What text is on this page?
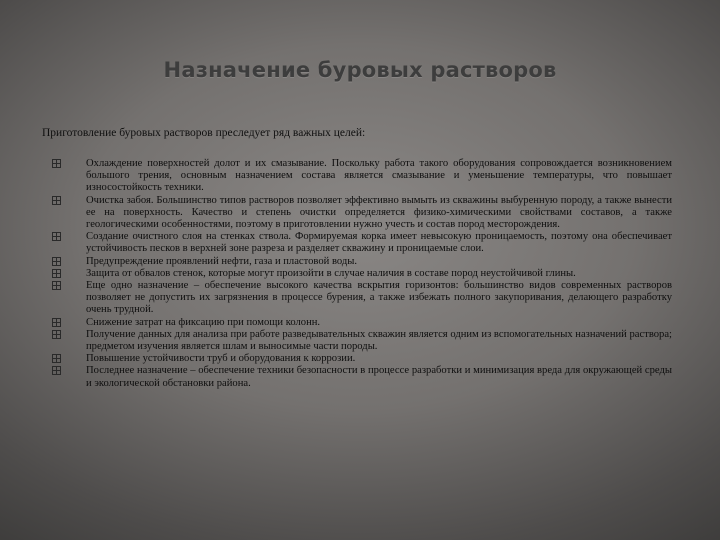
Назначение буровых растворов
Приготовление буровых растворов преследует ряд важных целей:
Охлаждение поверхностей долот и их смазывание. Поскольку работа такого оборудования сопровождается возникновением большого трения, основным назначением состава является смазывание и уменьшение температуры, что повышает износостойкость техники.
Очистка забоя. Большинство типов растворов позволяет эффективно вымыть из скважины выбуренную породу, а также вынести ее на поверхность. Качество и степень очистки определяется физико-химическими свойствами составов, а также геологическими особенностями, поэтому в приготовлении нужно учесть и состав пород месторождения.
Создание очистного слоя на стенках ствола. Формируемая корка имеет невысокую проницаемость, поэтому она обеспечивает устойчивость песков в верхней зоне разреза и разделяет скважину и проницаемые слои.
Предупреждение проявлений нефти, газа и пластовой воды.
Защита от обвалов стенок, которые могут произойти в случае наличия в составе пород неустойчивой глины.
Еще одно назначение – обеспечение высокого качества вскрытия горизонтов: большинство видов современных растворов позволяет не допустить их загрязнения в процессе бурения, а также избежать полного закупоривания, делающего разработку очень трудной.
Снижение затрат на фиксацию при помощи колонн.
Получение данных для анализа при работе разведывательных скважин является одним из вспомогательных назначений раствора; предметом изучения является шлам и выносимые части породы.
Повышение устойчивости труб и оборудования к коррозии.
Последнее назначение – обеспечение техники безопасности в процессе разработки и минимизация вреда для окружающей среды и экологической обстановки района.
